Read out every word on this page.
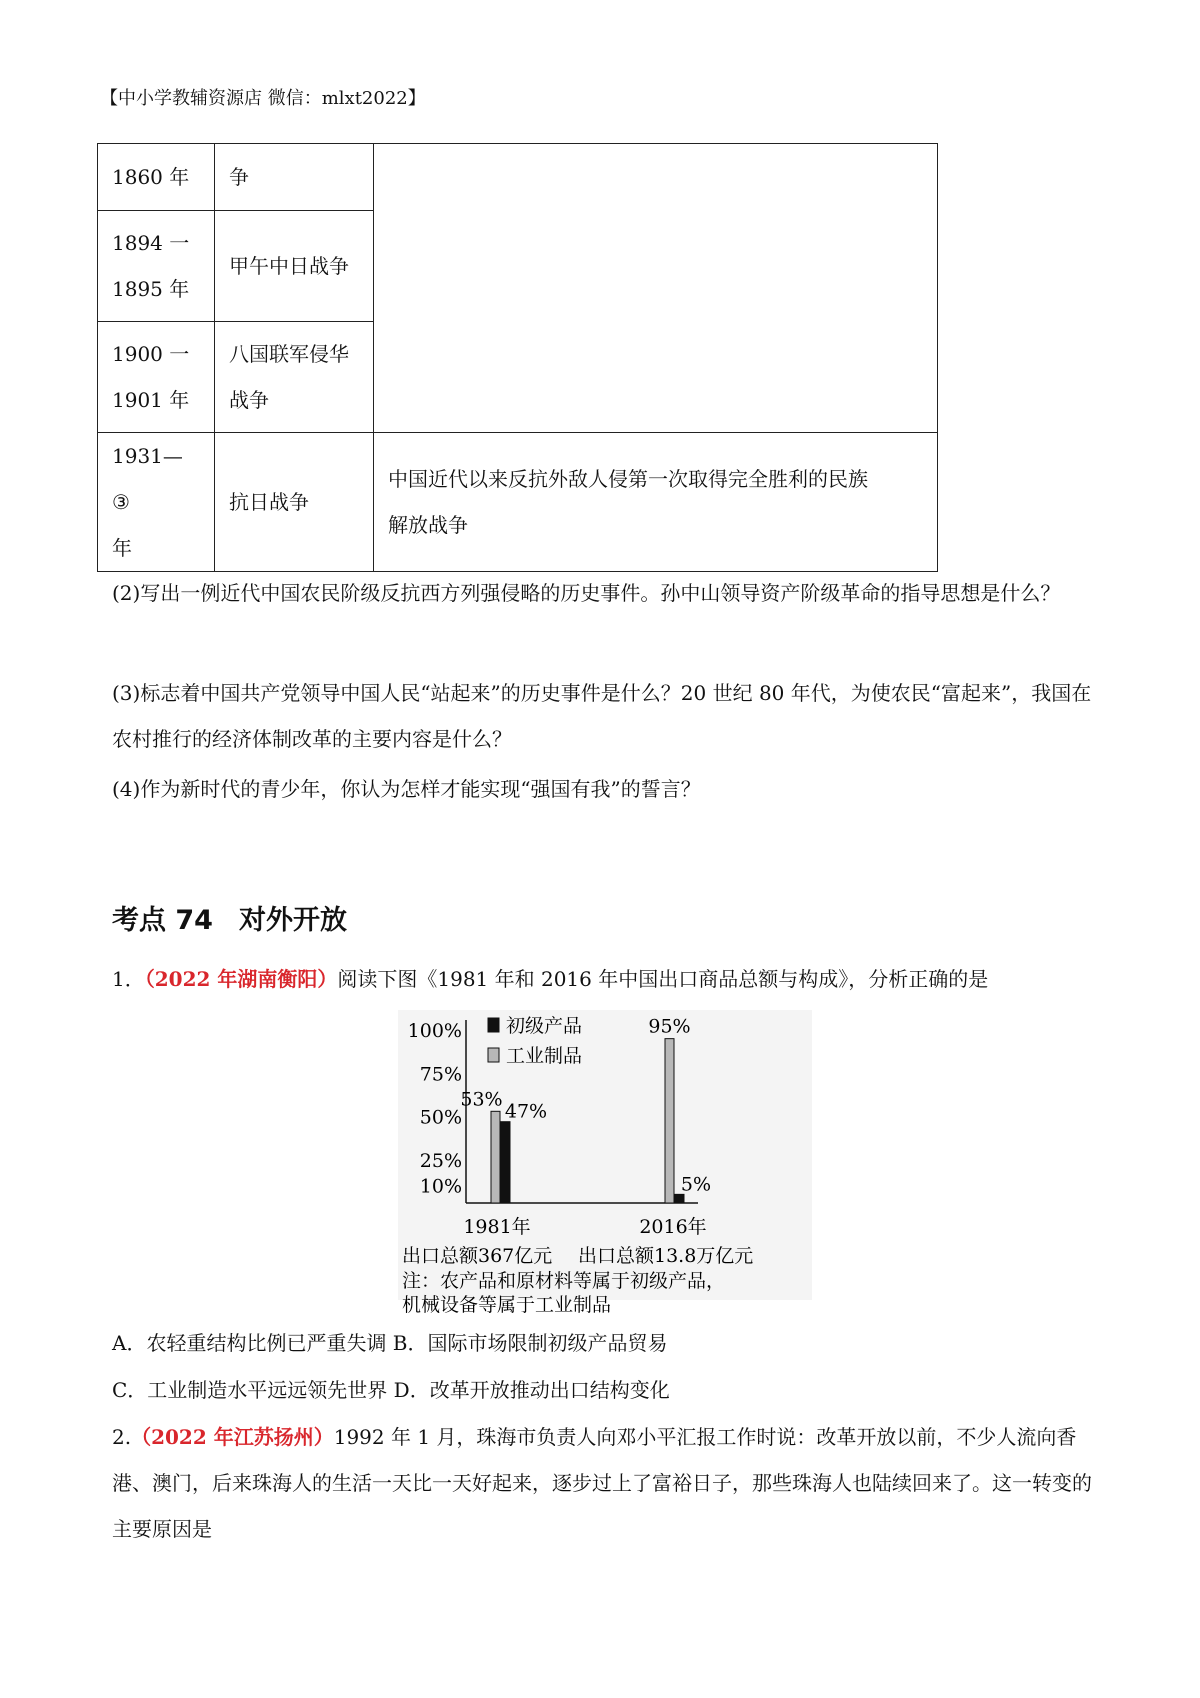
【中小学教辅资源店 微信：mlxt2022】
1860 年	争	
1894 一
1895 年	甲午中日战争	
1900 一
1901 年	八国联军侵华
战争	
1931—③
年	抗日战争	中国近代以来反抗外敌人侵第一次取得完全胜利的民族
解放战争
(2)写出一例近代中国农民阶级反抗西方列强侵略的历史事件。孙中山领导资产阶级革命的指导思想是什么？
(3)标志着中国共产党领导中国人民“站起来”的历史事件是什么？20 世纪 80 年代，为使农民“富起来”，我国在农村推行的经济体制改革的主要内容是什么？
(4)作为新时代的青少年，你认为怎样才能实现“强国有我”的誓言？
考点 74 对外开放
1．（2022 年湖南衡阳）阅读下图《1981 年和 2016 年中国出口商品总额与构成》，分析正确的是
100%
75%
50%
25%
10%
初级产品
工业制品
53%
47%
1981年
95%
5%
2016年
出口总额367亿元 出口总额13.8万亿元
注：农产品和原材料等属于初级产品，
机械设备等属于工业制品
A．农轻重结构比例已严重失调 B．国际市场限制初级产品贸易
C．工业制造水平远远领先世界 D．改革开放推动出口结构变化
2.（2022 年江苏扬州）1992 年 1 月，珠海市负责人向邓小平汇报工作时说：改革开放以前，不少人流向香港、澳门，后来珠海人的生活一天比一天好起来，逐步过上了富裕日子，那些珠海人也陆续回来了。这一转变的主要原因是
